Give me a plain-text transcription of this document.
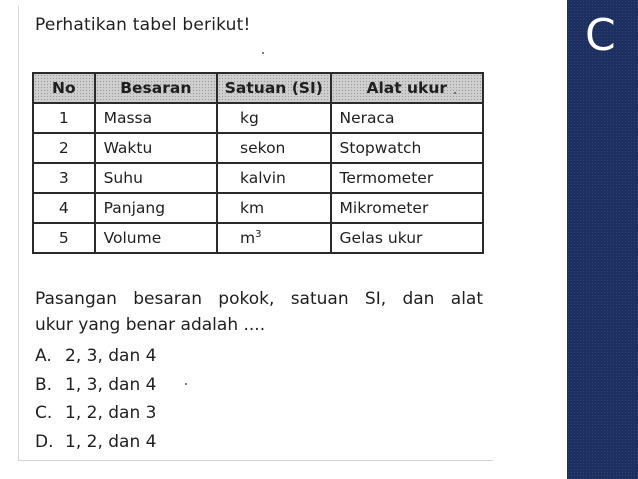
Perhatikan tabel berikut!
No	Besaran	Satuan (SI)	Alat ukur
1	Massa	kg	Neraca
2	Waktu	sekon	Stopwatch
3	Suhu	kalvin	Termometer
4	Panjang	km	Mikrometer
5	Volume	$m^3$	Gelas ukur
Pasangan besaran pokok, satuan SI, dan alat
ukur yang benar adalah ....
A. 2, 3, dan 4
B. 1, 3, dan 4
C. 1, 2, dan 3
D. 1, 2, dan 4
C
